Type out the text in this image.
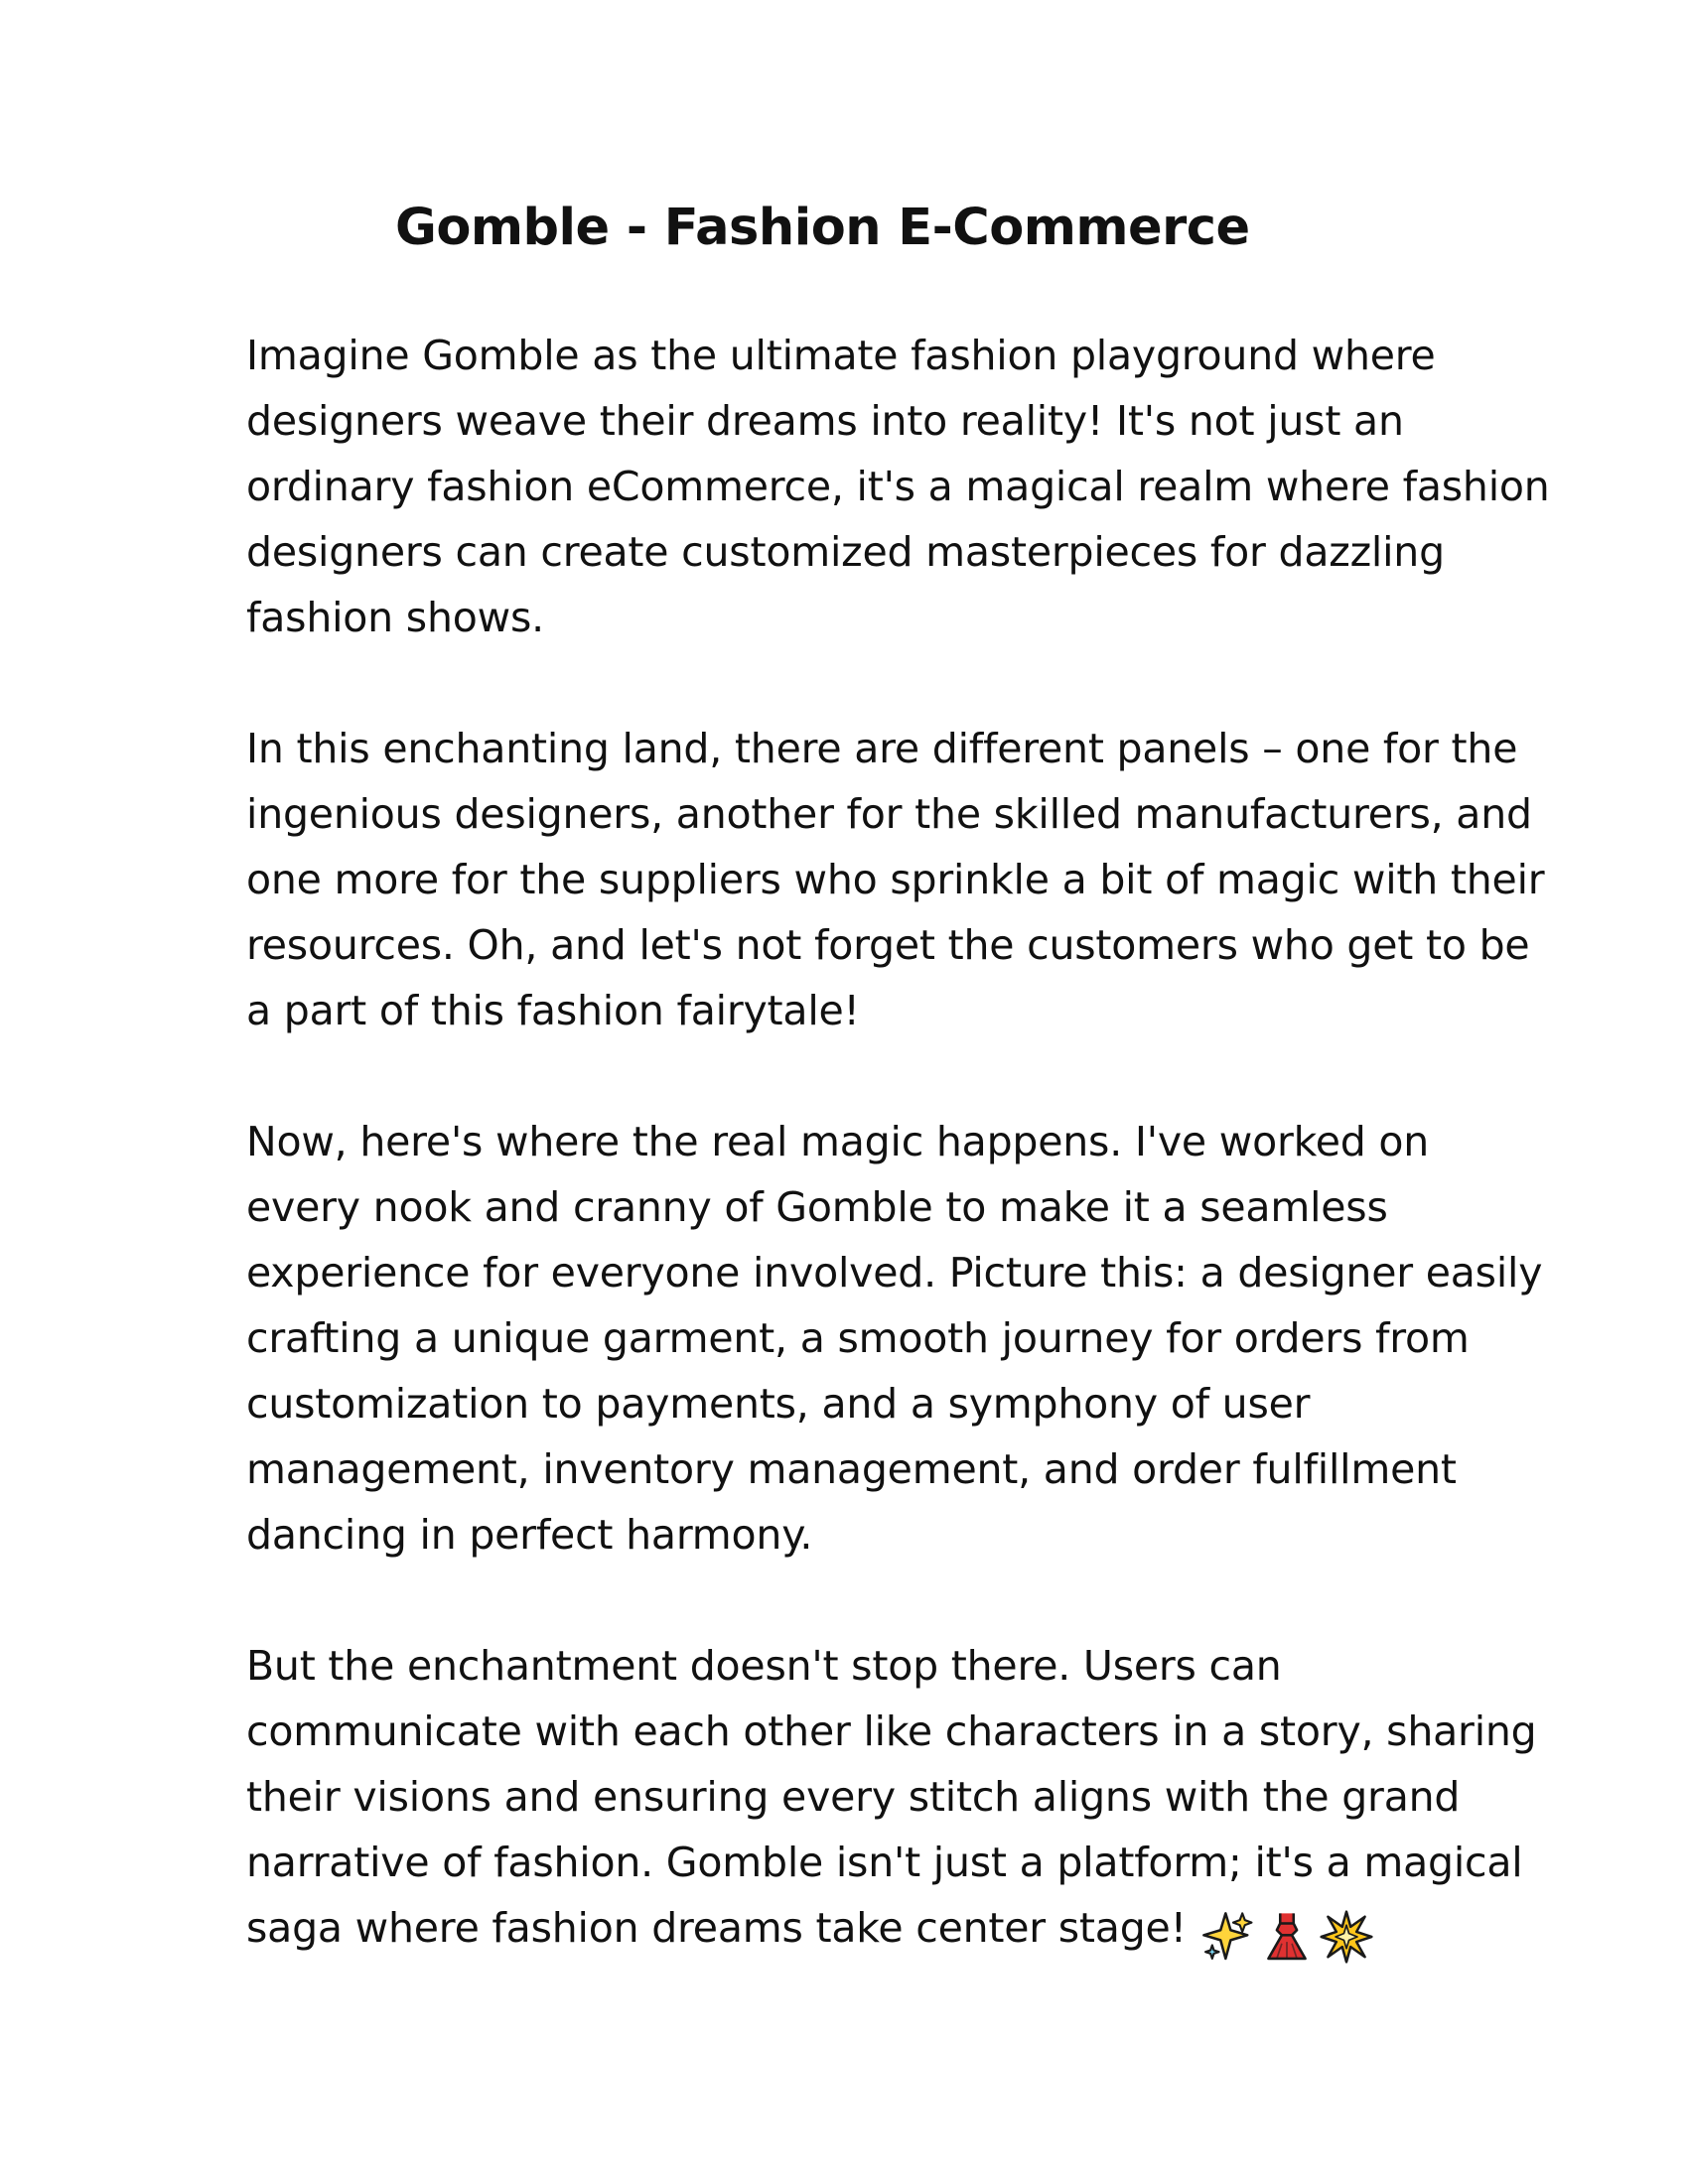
Gomble - Fashion E-Commerce

Imagine Gomble as the ultimate fashion playground where
designers weave their dreams into reality! It's not just an
ordinary fashion eCommerce, it's a magical realm where fashion
designers can create customized masterpieces for dazzling
fashion shows.

In this enchanting land, there are different panels – one for the
ingenious designers, another for the skilled manufacturers, and
one more for the suppliers who sprinkle a bit of magic with their
resources. Oh, and let's not forget the customers who get to be
a part of this fashion fairytale!

Now, here's where the real magic happens. I've worked on
every nook and cranny of Gomble to make it a seamless
experience for everyone involved. Picture this: a designer easily
crafting a unique garment, a smooth journey for orders from
customization to payments, and a symphony of user
management, inventory management, and order fulfillment
dancing in perfect harmony.

But the enchantment doesn't stop there. Users can
communicate with each other like characters in a story, sharing
their visions and ensuring every stitch aligns with the grand
narrative of fashion. Gomble isn't just a platform; it's a magical
saga where fashion dreams take center stage!
